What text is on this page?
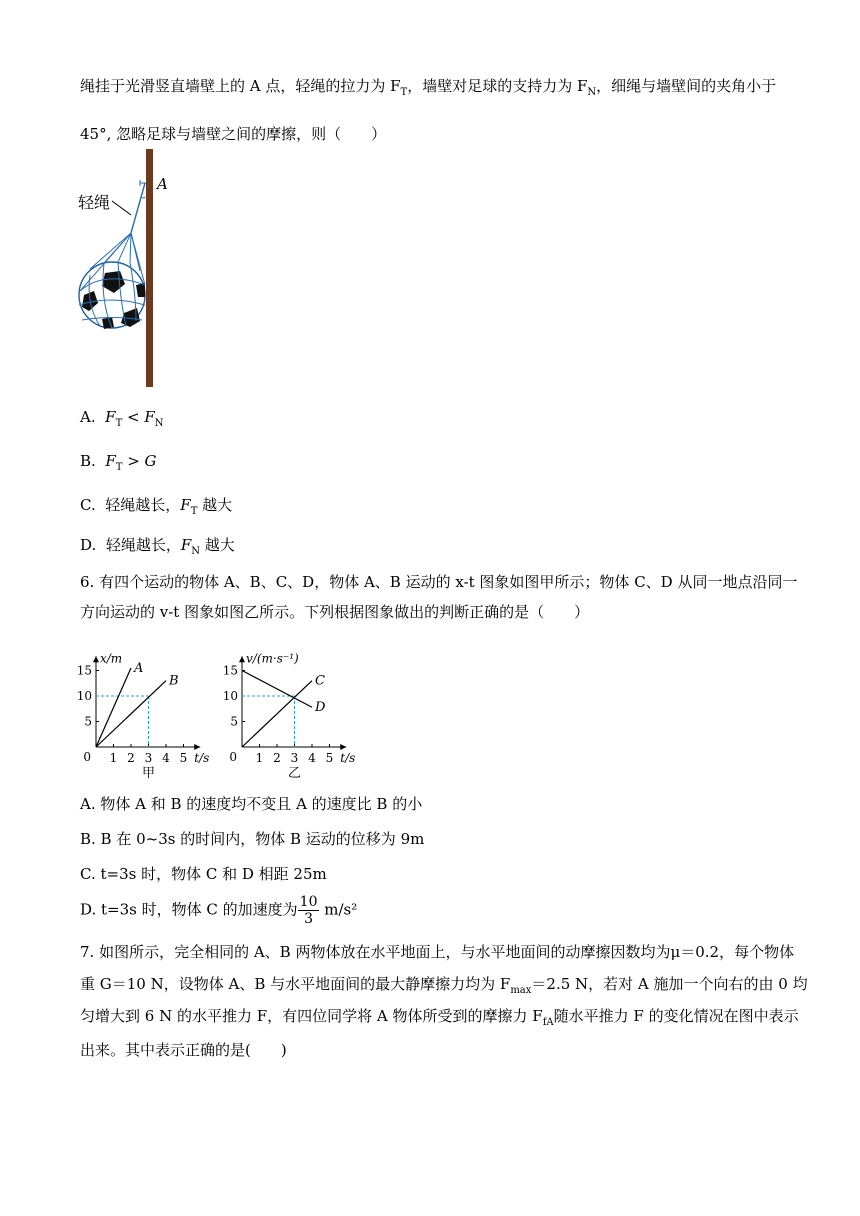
绳挂于光滑竖直墙壁上的 A 点，轻绳的拉力为 $F_T$，墙壁对足球的支持力为 $F_N$，细绳与墙壁间的夹角小于
45°, 忽略足球与墙壁之间的摩擦，则（　　）
A
轻绳
A. $F_T < F_N$
B. $F_T > G$
C. 轻绳越长，$F_T$ 越大
D. 轻绳越长，$F_N$ 越大
6. 有四个运动的物体 A、B、C、D，物体 A、B 运动的 x-t 图象如图甲所示；物体 C、D 从同一地点沿同一
方向运动的 v-t 图象如图乙所示。下列根据图象做出的判断正确的是（　　）
1 2 3 4 5
5
10
15
0
x/m
t/s
A
B
甲
1 2 3 4 5
5
10
15
0
v/(m·s⁻¹)
t/s
C
D
乙
A. 物体 A 和 B 的速度均不变且 A 的速度比 B 的小
B. B 在 0~3s 的时间内，物体 B 运动的位移为 9m
C. t=3s 时，物体 C 和 D 相距 25m
D. t=3s 时，物体 C 的加速度为 $\frac{10}{3} m/s^2$
7. 如图所示，完全相同的 A、B 两物体放在水平地面上，与水平地面间的动摩擦因数均为μ＝0.2，每个物体
重 G＝10 N，设物体 A、B 与水平地面间的最大静摩擦力均为 $F_{max}=2.5$ N，若对 A 施加一个向右的由 0 均
匀增大到 6 N 的水平推力 F，有四位同学将 A 物体所受到的摩擦力 $F_{fA}$随水平推力 F 的变化情况在图中表示
出来。其中表示正确的是(　　)
